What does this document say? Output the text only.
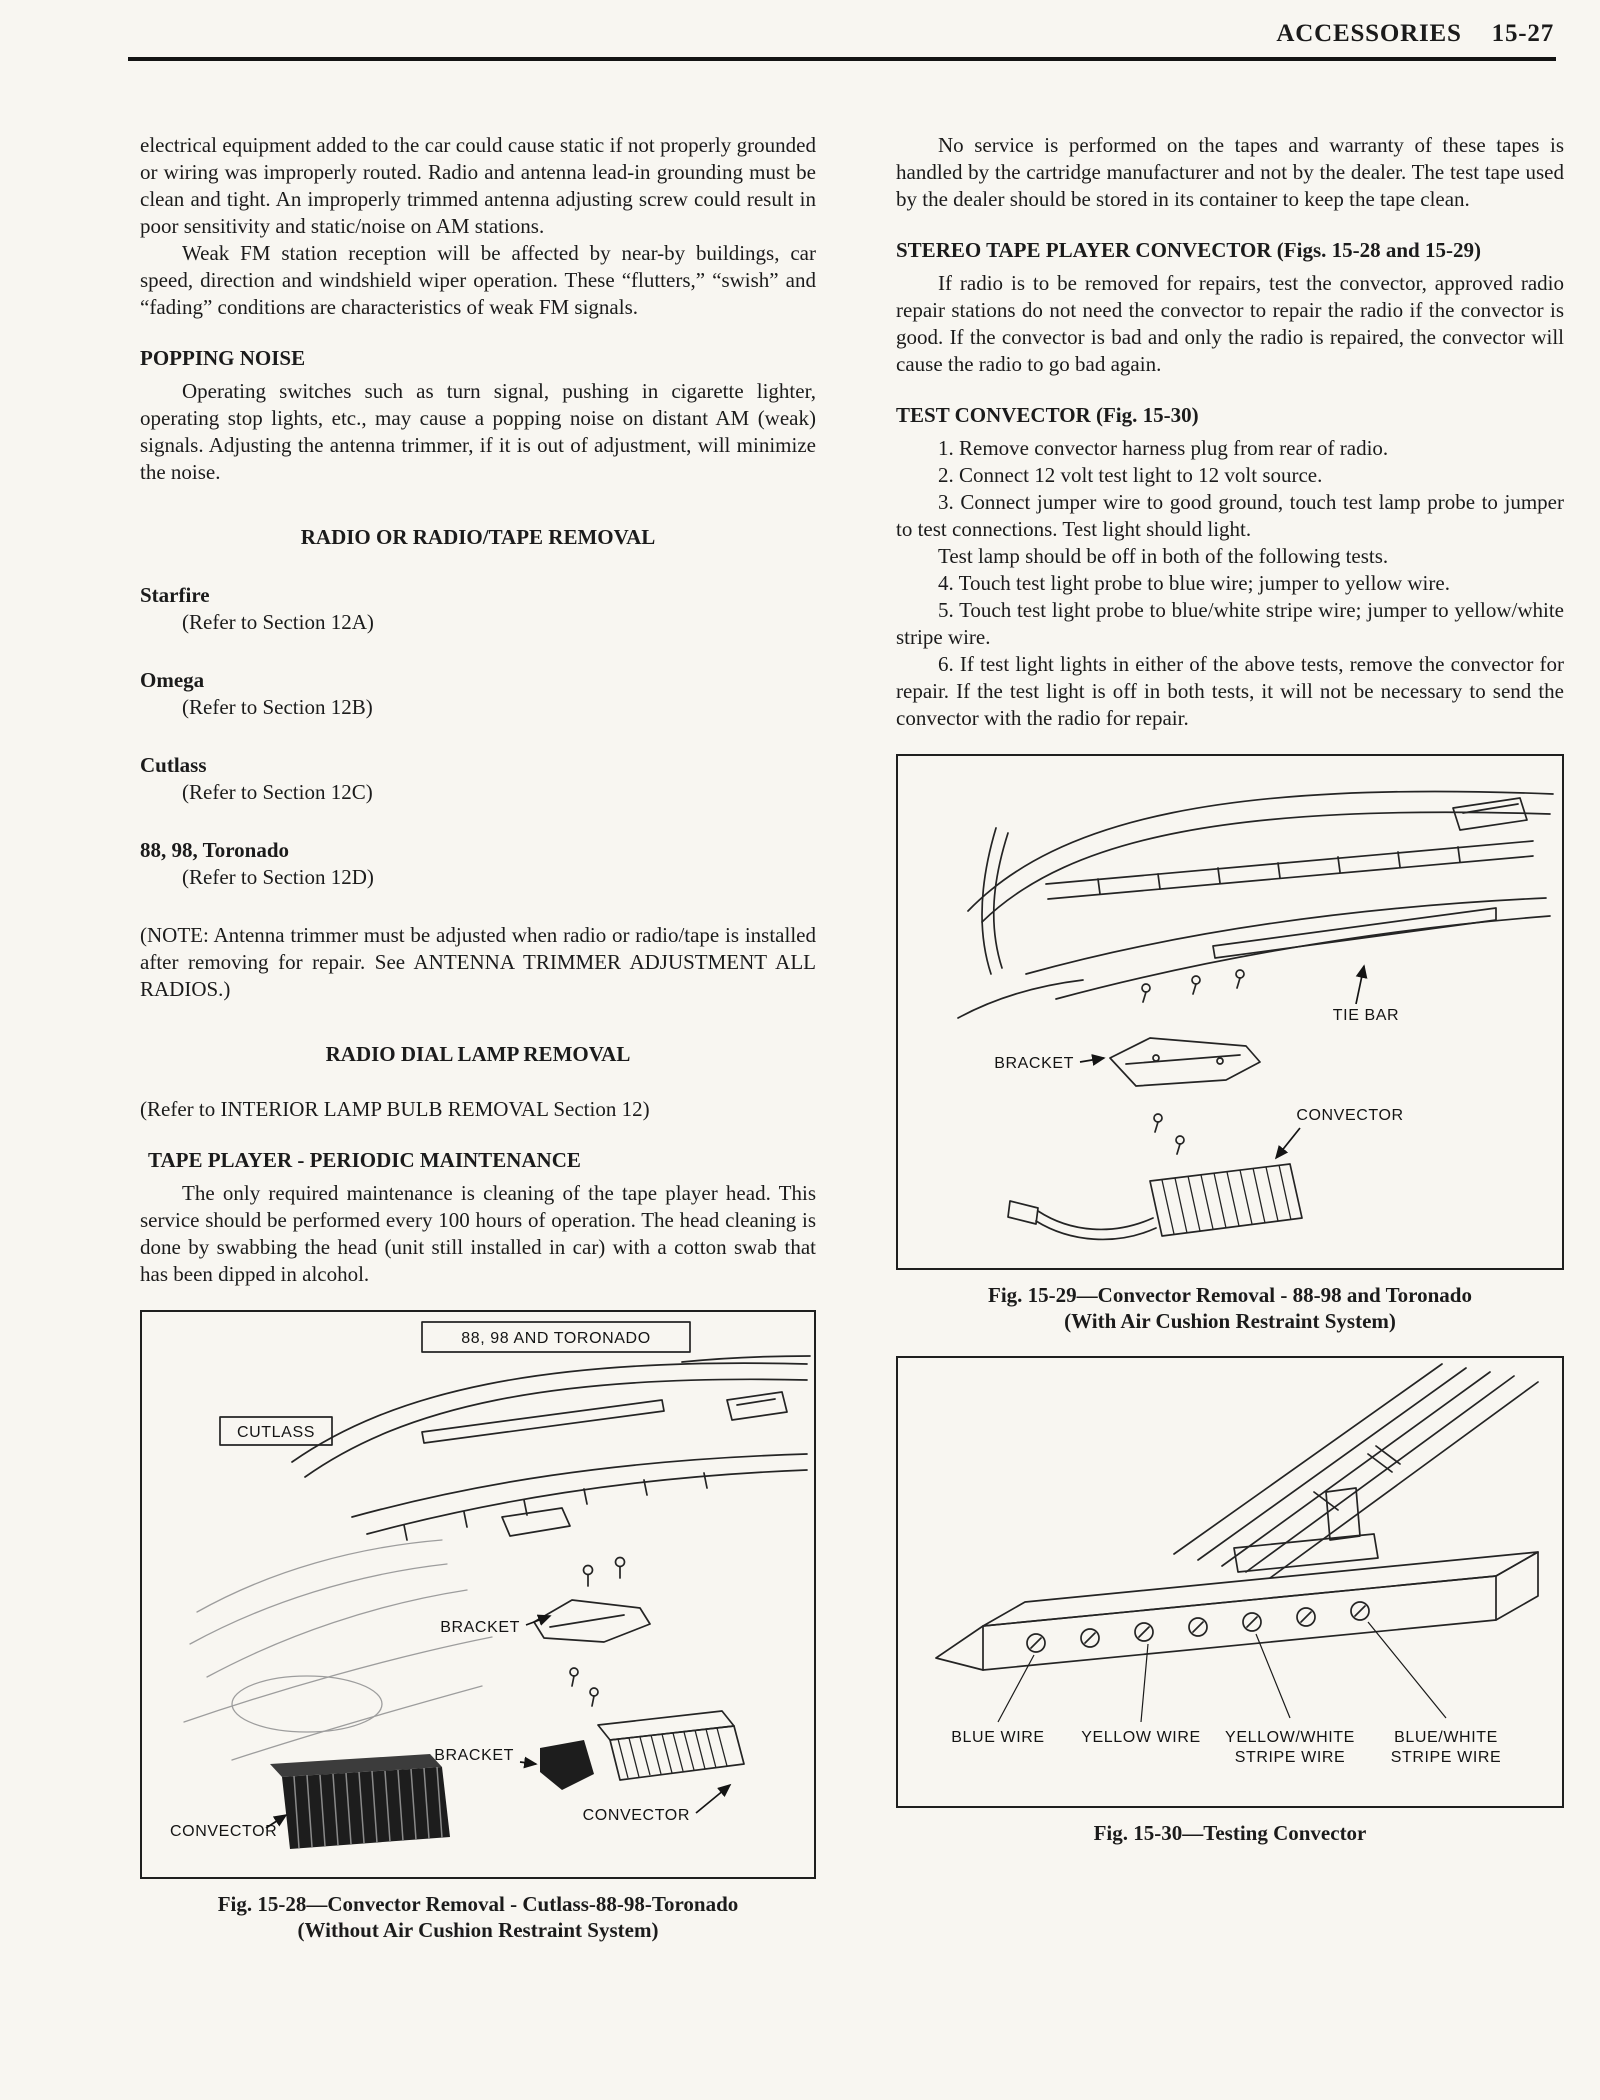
ACCESSORIES 15-27

electrical equipment added to the car could cause static if not properly grounded or wiring was improperly routed. Radio and antenna lead-in grounding must be clean and tight. An improperly trimmed antenna adjusting screw could result in poor sensitivity and static/noise on AM stations.

Weak FM station reception will be affected by near-by buildings, car speed, direction and windshield wiper operation. These “flutters,” “swish” and “fading” conditions are characteristics of weak FM signals.

POPPING NOISE

Operating switches such as turn signal, pushing in cigarette lighter, operating stop lights, etc., may cause a popping noise on distant AM (weak) signals. Adjusting the antenna trimmer, if it is out of adjustment, will minimize the noise.

RADIO OR RADIO/TAPE REMOVAL
Starfire
(Refer to Section 12A)
Omega
(Refer to Section 12B)
Cutlass
(Refer to Section 12C)
88, 98, Toronado
(Refer to Section 12D)

(NOTE: Antenna trimmer must be adjusted when radio or radio/tape is installed after removing for repair. See ANTENNA TRIMMER ADJUSTMENT ALL RADIOS.)

RADIO DIAL LAMP REMOVAL

(Refer to INTERIOR LAMP BULB REMOVAL Section 12)

TAPE PLAYER - PERIODIC MAINTENANCE

The only required maintenance is cleaning of the tape player head. This service should be performed every 100 hours of operation. The head cleaning is done by swabbing the head (unit still installed in car) with a cotton swab that has been dipped in alcohol.

88, 98 AND TORONADO
CUTLASS
BRACKET
BRACKET
CONVECTOR
CONVECTOR
Fig. 15-28—Convector Removal - Cutlass-88-98-Toronado
(Without Air Cushion Restraint System)

No service is performed on the tapes and warranty of these tapes is handled by the cartridge manufacturer and not by the dealer. The test tape used by the dealer should be stored in its container to keep the tape clean.

STEREO TAPE PLAYER CONVECTOR (Figs. 15-28 and 15-29)

If radio is to be removed for repairs, test the convector, approved radio repair stations do not need the convector to repair the radio if the convector is good. If the convector is bad and only the radio is repaired, the convector will cause the radio to go bad again.

TEST CONVECTOR (Fig. 15-30)

1. Remove convector harness plug from rear of radio.

2. Connect 12 volt test light to 12 volt source.

3. Connect jumper wire to good ground, touch test lamp probe to jumper to test connections. Test light should light.

Test lamp should be off in both of the following tests.

4. Touch test light probe to blue wire; jumper to yellow wire.

5. Touch test light probe to blue/white stripe wire; jumper to yellow/white stripe wire.

6. If test light lights in either of the above tests, remove the convector for repair. If the test light is off in both tests, it will not be necessary to send the convector with the radio for repair.

TIE BAR
BRACKET
CONVECTOR
Fig. 15-29—Convector Removal - 88-98 and Toronado
(With Air Cushion Restraint System)
BLUE WIRE YELLOW WIRE YELLOW/WHITE
STRIPE WIRE
BLUE/WHITE
STRIPE WIRE
Fig. 15-30—Testing Convector
